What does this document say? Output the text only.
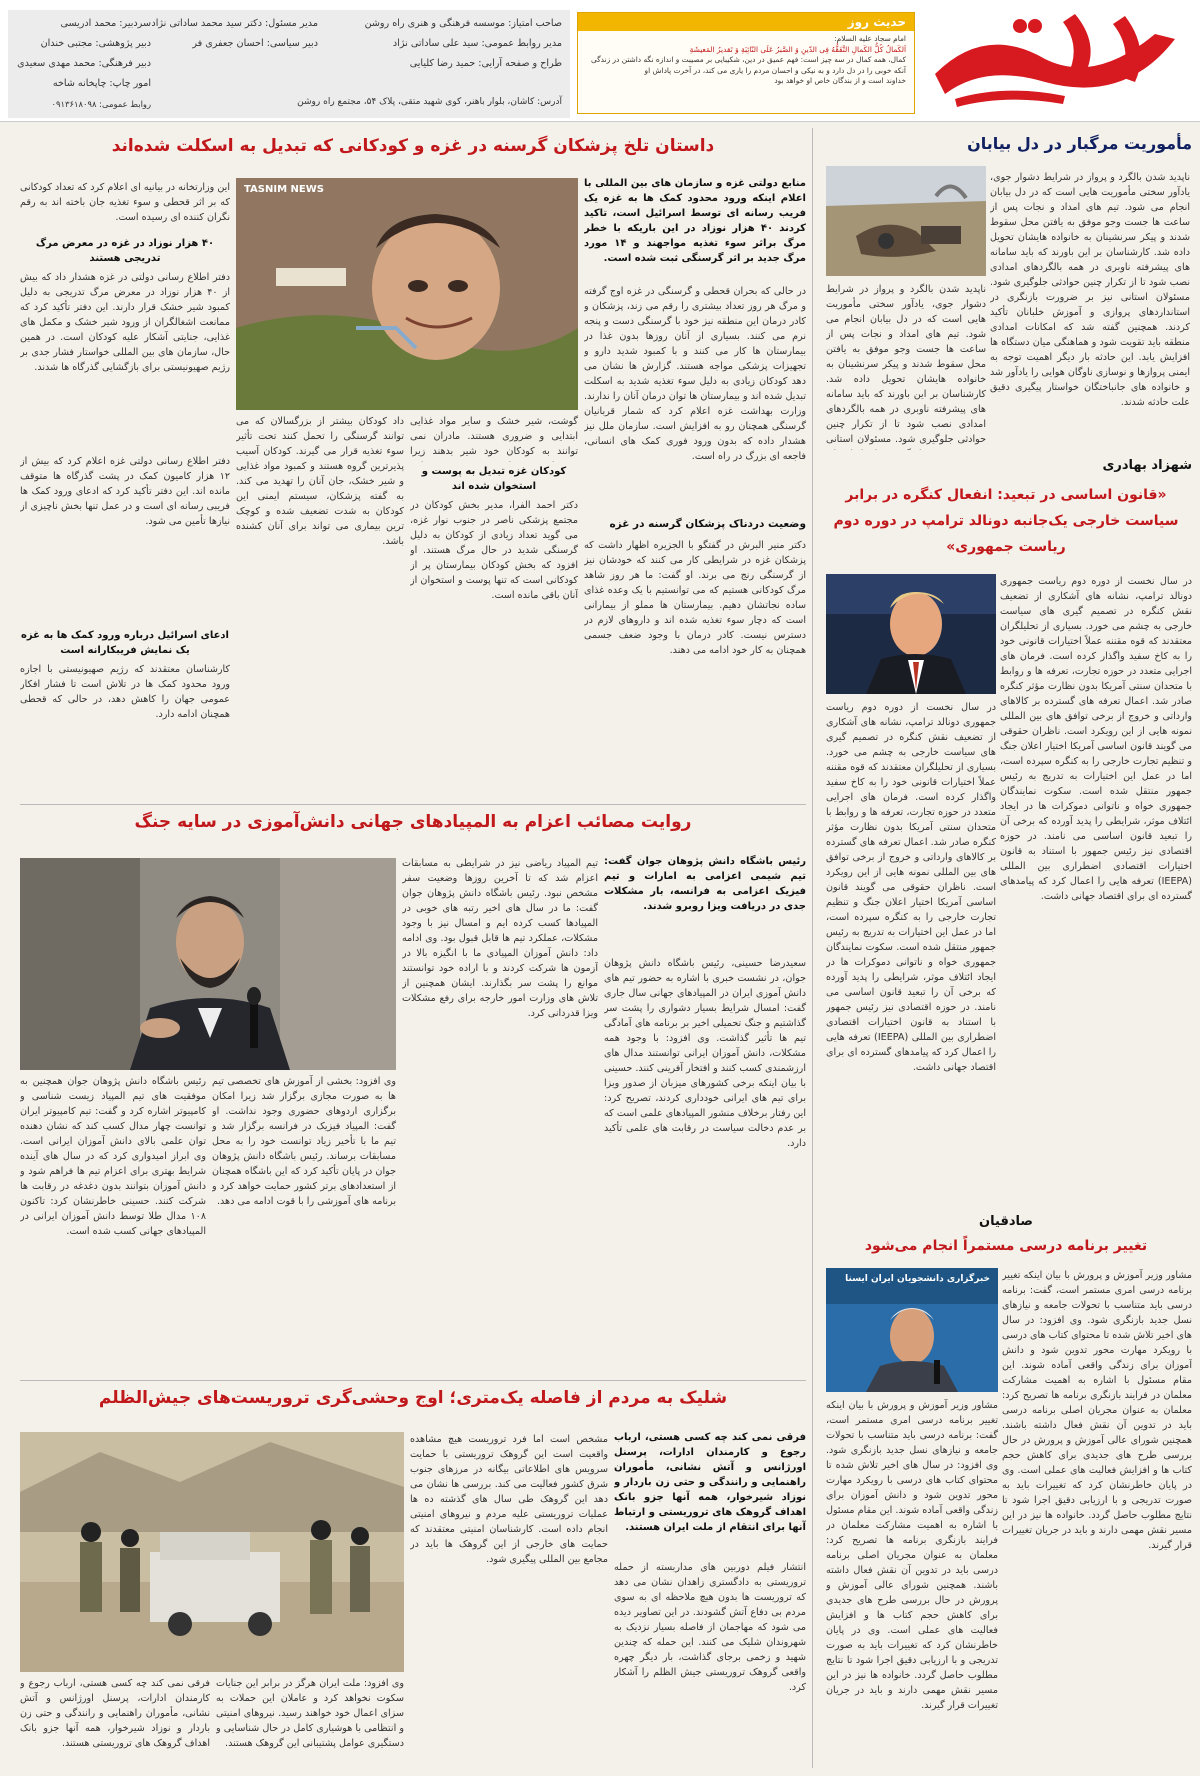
حدیث روز
امام سجاد علیه السلام:
اَلکَمالُ کُلُّ الکَمالِ التَّفَقُّهُ فِی الدّینِ وَ الصَّبرُ عَلَی النّائِبَةِ وَ تَقدیرُ المَعیشَةِ
کمال، همه کمال در سه چیز است: فهم عمیق در دین، شکیبایی بر مصیبت و اندازه نگه داشتن در زندگی
آنکه خوبی را در دل دارد و به نیکی و احسان مردم را یاری می کند، در آخرت پاداش او
خداوند است و از بندگان خاص او خواهد بود
صاحب امتیاز: موسسه فرهنگی و هنری راه روشن
مدیر روابط عمومی: سید علی ساداتی نژاد
طراح و صفحه آرایی: حمید رضا کلیایی
مدیر مسئول: دکتر سید محمد ساداتی نژاد
دبیر سیاسی: احسان جعفری فر
سردبیر: محمد ادریسی
دبیر پژوهشی: مجتبی خندان
دبیر فرهنگی: محمد مهدی سعیدی
امور چاپ: چاپخانه شاخه
روابط عمومی: ۰۹۱۳۶۱۸۰۹۸	آدرس: کاشان، بلوار باهنر، کوی شهید متقی، پلاک ۵۴، مجتمع راه روشن
مأموریت مرگبار در دل بیابان
ناپدید شدن بالگرد و پرواز در شرایط دشوار جوی، یادآور سختی مأموریت هایی است که در دل بیابان انجام می شود. تیم های امداد و نجات پس از ساعت ها جست وجو موفق به یافتن محل سقوط شدند و پیکر سرنشینان به خانواده هایشان تحویل داده شد. کارشناسان بر این باورند که باید سامانه های پیشرفته ناوبری در همه بالگردهای امدادی نصب شود تا از تکرار چنین حوادثی جلوگیری شود. مسئولان استانی نیز بر ضرورت بازنگری در استانداردهای پروازی و آموزش خلبانان تأکید کردند. همچنین گفته شد که امکانات امدادی منطقه باید تقویت شود و هماهنگی میان دستگاه ها افزایش یابد. این حادثه بار دیگر اهمیت توجه به ایمنی پروازها و نوسازی ناوگان هوایی را یادآور شد و خانواده های جانباختگان خواستار پیگیری دقیق علت حادثه شدند.
ناپدید شدن بالگرد و پرواز در شرایط دشوار جوی، یادآور سختی مأموریت هایی است که در دل بیابان انجام می شود. تیم های امداد و نجات پس از ساعت ها جست وجو موفق به یافتن محل سقوط شدند و پیکر سرنشینان به خانواده هایشان تحویل داده شد. کارشناسان بر این باورند که باید سامانه های پیشرفته ناوبری در همه بالگردهای امدادی نصب شود تا از تکرار چنین حوادثی جلوگیری شود. مسئولان استانی
شهزاد بهادری
«قانون اساسی در تبعید: انفعال کنگره در برابر سیاست خارجی یک‌جانبه دونالد ترامپ در دوره دوم ریاست جمهوری»
در سال نخست از دوره دوم ریاست جمهوری دونالد ترامپ، نشانه های آشکاری از تضعیف نقش کنگره در تصمیم گیری های سیاست خارجی به چشم می خورد. بسیاری از تحلیلگران معتقدند که قوه مقننه عملاً اختیارات قانونی خود را به کاخ سفید واگذار کرده است. فرمان های اجرایی متعدد در حوزه تجارت، تعرفه ها و روابط با متحدان سنتی آمریکا بدون نظارت مؤثر کنگره صادر شد. اعمال تعرفه های گسترده بر کالاهای وارداتی و خروج از برخی توافق های بین المللی نمونه هایی از این رویکرد است. ناظران حقوقی می گویند قانون اساسی آمریکا اختیار اعلان جنگ و تنظیم تجارت خارجی را به کنگره سپرده است، اما در عمل این اختیارات به تدریج به رئیس جمهور منتقل شده است. سکوت نمایندگان جمهوری خواه و ناتوانی دموکرات ها در ایجاد ائتلاف موثر، شرایطی را پدید آورده که برخی آن را تبعید قانون اساسی می نامند. در حوزه اقتصادی نیز رئیس جمهور با استناد به قانون اختیارات اقتصادی اضطراری بین المللی (IEEPA) تعرفه هایی را اعمال کرد که پیامدهای گسترده ای برای اقتصاد جهانی داشت.
در سال نخست از دوره دوم ریاست جمهوری دونالد ترامپ، نشانه های آشکاری از تضعیف نقش کنگره در تصمیم گیری های سیاست خارجی به چشم می خورد. بسیاری از تحلیلگران معتقدند که قوه مقننه عملاً اختیارات قانونی خود را به کاخ سفید واگذار کرده است. فرمان های اجرایی متعدد در حوزه تجارت، تعرفه ها و روابط با متحدان سنتی آمریکا بدون نظارت مؤثر کنگره صادر شد. اعمال تعرفه های گسترده بر کالاهای وارداتی و خروج از برخی توافق های بین المللی نمونه هایی از این رویکرد است. ناظران حقوقی می گویند قانون اساسی آمریکا اختیار اعلان جنگ و تنظیم تجارت خارجی را به کنگره سپرده است، اما در عمل این اختیارات به تدریج به رئیس جمهور منتقل شده است. سکوت نمایندگان جمهوری خواه و ناتوانی دموکرات ها در ایجاد ائتلاف موثر، شرایطی را پدید آورده که برخی آن را تبعید قانون اساسی می نامند. در حوزه اقتصادی نیز رئیس جمهور با استناد به قانون اختیارات اقتصادی اضطراری بین المللی (IEEPA) تعرفه هایی را اعمال کرد که پیامدهای گسترده ای برای اقتصاد جهانی داشت.
صادقیان
تغییر برنامه درسی مستمراً انجام می‌شود
خبرگزاری دانشجویان ایران ایسنا مشاور وزیر آموزش و پرورش با بیان اینکه تغییر برنامه درسی امری مستمر است، گفت: برنامه درسی باید متناسب با تحولات جامعه و نیازهای نسل جدید بازنگری شود. وی افزود: در سال های اخیر تلاش شده تا محتوای کتاب های درسی با رویکرد مهارت محور تدوین شود و دانش آموزان برای زندگی واقعی آماده شوند. این مقام مسئول با اشاره به اهمیت مشارکت معلمان در فرایند بازنگری برنامه ها تصریح کرد: معلمان به عنوان مجریان اصلی برنامه درسی باید در تدوین آن نقش فعال داشته باشند. همچنین شورای عالی آموزش و پرورش در حال بررسی طرح های جدیدی برای کاهش حجم کتاب ها و افزایش فعالیت های عملی است. وی در پایان خاطرنشان کرد که تغییرات باید به صورت تدریجی و با ارزیابی دقیق اجرا شود تا نتایج مطلوب حاصل گردد. خانواده ها نیز در این مسیر نقش مهمی دارند و باید در جریان تغییرات قرار گیرند.
مشاور وزیر آموزش و پرورش با بیان اینکه تغییر برنامه درسی امری مستمر است، گفت: برنامه درسی باید متناسب با تحولات جامعه و نیازهای نسل جدید بازنگری شود. وی افزود: در سال های اخیر تلاش شده تا محتوای کتاب های درسی با رویکرد مهارت محور تدوین شود و دانش آموزان برای زندگی واقعی آماده شوند. این مقام مسئول با اشاره به اهمیت مشارکت معلمان در فرایند بازنگری برنامه ها تصریح کرد: معلمان به عنوان مجریان اصلی برنامه درسی باید در تدوین آن نقش فعال داشته باشند. همچنین شورای عالی آموزش و پرورش در حال بررسی طرح های جدیدی برای کاهش حجم کتاب ها و افزایش فعالیت های عملی است. وی در پایان خاطرنشان کرد که تغییرات باید به صورت تدریجی و با ارزیابی دقیق اجرا شود تا نتایج مطلوب حاصل گردد. خانواده ها نیز در این مسیر نقش مهمی دارند و باید در جریان تغییرات قرار گیرند.
داستان تلخ پزشکان گرسنه در غزه و کودکانی که تبدیل به اسکلت شده‌اند
منابع دولتی غزه و سازمان های بین المللی با اعلام اینکه ورود محدود کمک ها به غزه یک فریب رسانه ای توسط اسرائیل است، تاکید کردند ۴۰ هزار نوزاد در این باریکه با خطر مرگ براثر سوء تغذیه مواجهند و ۱۴ مورد مرگ جدید بر اثر گرسنگی ثبت شده است.
TASNIM NEWS
در حالی که بحران قحطی و گرسنگی در غزه اوج گرفته و مرگ هر روز تعداد بیشتری را رقم می زند، پزشکان و کادر درمان این منطقه نیز خود با گرسنگی دست و پنجه نرم می کنند. بسیاری از آنان روزها بدون غذا در بیمارستان ها کار می کنند و با کمبود شدید دارو و تجهیزات پزشکی مواجه هستند. گزارش ها نشان می دهد کودکان زیادی به دلیل سوء تغذیه شدید به اسکلت تبدیل شده اند و بیمارستان ها توان درمان آنان را ندارند. وزارت بهداشت غزه اعلام کرد که شمار قربانیان گرسنگی همچنان رو به افزایش است. سازمان ملل نیز هشدار داده که بدون ورود فوری کمک های انسانی، فاجعه ای بزرگ در راه است.
وضعیت دردناک پزشکان گرسنه در غزه
دکتر منیر البرش در گفتگو با الجزیره اظهار داشت که پزشکان غزه در شرایطی کار می کنند که خودشان نیز از گرسنگی رنج می برند. او گفت: ما هر روز شاهد مرگ کودکانی هستیم که می توانستیم با یک وعده غذای ساده نجاتشان دهیم. بیمارستان ها مملو از بیمارانی است که دچار سوء تغذیه شده اند و داروهای لازم در دسترس نیست. کادر درمان با وجود ضعف جسمی همچنان به کار خود ادامه می دهند.
گوشت، شیر خشک و سایر مواد غذایی ابتدایی و ضروری هستند. مادران نمی توانند به کودکان خود شیر بدهند زیرا
کودکان غزه تبدیل به پوست و استخوان شده اند
دکتر احمد الفرا، مدیر بخش کودکان در مجتمع پزشکی ناصر در جنوب نوار غزه، می گوید تعداد زیادی از کودکان به دلیل گرسنگی شدید در حال مرگ هستند. او افزود که بخش کودکان بیمارستان پر از کودکانی است که تنها پوست و استخوان از آنان باقی مانده است.
داد کودکان بیشتر از بزرگسالان که می توانند گرسنگی را تحمل کنند تحت تأثیر سوء تغذیه قرار می گیرند. کودکان آسیب پذیرترین گروه هستند و کمبود مواد غذایی و شیر خشک، جان آنان را تهدید می کند. به گفته پزشکان، سیستم ایمنی این کودکان به شدت تضعیف شده و کوچک ترین بیماری می تواند برای آنان کشنده باشد.
این وزارتخانه در بیانیه ای اعلام کرد که تعداد کودکانی که بر اثر قحطی و سوء تغذیه جان باخته اند به رقم نگران کننده ای رسیده است.
۴۰ هزار نوزاد در غزه در معرض مرگ تدریجی هستند
دفتر اطلاع رسانی دولتی در غزه هشدار داد که بیش از ۴۰ هزار نوزاد در معرض مرگ تدریجی به دلیل کمبود شیر خشک قرار دارند. این دفتر تأکید کرد که ممانعت اشغالگران از ورود شیر خشک و مکمل های غذایی، جنایتی آشکار علیه کودکان است. در همین حال، سازمان های بین المللی خواستار فشار جدی بر رژیم صهیونیستی برای بازگشایی گذرگاه ها شدند.
دفتر اطلاع رسانی دولتی غزه اعلام کرد که بیش از ۱۲ هزار کامیون کمک در پشت گذرگاه ها متوقف مانده اند. این دفتر تأکید کرد که ادعای ورود کمک ها فریبی رسانه ای است و در عمل تنها بخش ناچیزی از نیازها تأمین می شود.
ادعای اسرائیل درباره ورود کمک ها به غزه یک نمایش فریبکارانه است
کارشناسان معتقدند که رژیم صهیونیستی با اجازه ورود محدود کمک ها در تلاش است تا فشار افکار عمومی جهان را کاهش دهد، در حالی که قحطی همچنان ادامه دارد.
روایت مصائب اعزام به المپیادهای جهانی دانش‌آموزی در سایه جنگ
رئیس باشگاه دانش پژوهان جوان گفت: تیم شیمی اعزامی به امارات و تیم فیزیک اعزامی به فرانسه، بار مشکلات جدی در دریافت ویزا روبرو شدند.
سعیدرضا حسینی، رئیس باشگاه دانش پژوهان جوان، در نشست خبری با اشاره به حضور تیم های دانش آموزی ایران در المپیادهای جهانی سال جاری گفت: امسال شرایط بسیار دشواری را پشت سر گذاشتیم و جنگ تحمیلی اخیر بر برنامه های آمادگی تیم ها تأثیر گذاشت. وی افزود: با وجود همه مشکلات، دانش آموزان ایرانی توانستند مدال های ارزشمندی کسب کنند و افتخار آفرینی کنند. حسینی با بیان اینکه برخی کشورهای میزبان از صدور ویزا برای تیم های ایرانی خودداری کردند، تصریح کرد: این رفتار برخلاف منشور المپیادهای علمی است که بر عدم دخالت سیاست در رقابت های علمی تأکید دارد.
تیم المپیاد ریاضی نیز در شرایطی به مسابقات اعزام شد که تا آخرین روزها وضعیت سفر مشخص نبود. رئیس باشگاه دانش پژوهان جوان گفت: ما در سال های اخیر رتبه های خوبی در المپیادها کسب کرده ایم و امسال نیز با وجود مشکلات، عملکرد تیم ها قابل قبول بود. وی ادامه داد: دانش آموزان المپیادی ما با انگیزه بالا در آزمون ها شرکت کردند و با اراده خود توانستند موانع را پشت سر بگذارند. ایشان همچنین از تلاش های وزارت امور خارجه برای رفع مشکلات ویزا قدردانی کرد.
وی افزود: بخشی از آموزش های تخصصی تیم ها به صورت مجازی برگزار شد زیرا امکان برگزاری اردوهای حضوری وجود نداشت. او گفت: المپیاد فیزیک در فرانسه برگزار شد و تیم ما با تأخیر زیاد توانست خود را به محل مسابقات برساند. رئیس باشگاه دانش پژوهان جوان در پایان تأکید کرد که این باشگاه همچنان از استعدادهای برتر کشور حمایت خواهد کرد و برنامه های آموزشی را با قوت ادامه می دهد.
رئیس باشگاه دانش پژوهان جوان همچنین به موفقیت های تیم المپیاد زیست شناسی و کامپیوتر اشاره کرد و گفت: تیم کامپیوتر ایران توانست چهار مدال کسب کند که نشان دهنده توان علمی بالای دانش آموزان ایرانی است. وی ابراز امیدواری کرد که در سال های آینده شرایط بهتری برای اعزام تیم ها فراهم شود و دانش آموزان بتوانند بدون دغدغه در رقابت ها شرکت کنند. حسینی خاطرنشان کرد: تاکنون ۱۰۸ مدال طلا توسط دانش آموزان ایرانی در المپیادهای جهانی کسب شده است.
شلیک به مردم از فاصله یک‌متری؛ اوج وحشی‌گری تروریست‌های جیش‌الظلم
فرقی نمی کند چه کسی هستی، ارباب رجوع و کارمندان ادارات، پرسنل اورژانس و آتش نشانی، مأموران راهنمایی و رانندگی و حتی زن باردار و نوزاد شیرخوار، همه آنها جزو بانک اهداف گروهک های تروریستی و ارتباط آنها برای انتقام از ملت ایران هستند.
انتشار فیلم دوربین های مداربسته از حمله تروریستی به دادگستری زاهدان نشان می دهد که تروریست ها بدون هیچ ملاحظه ای به سوی مردم بی دفاع آتش گشودند. در این تصاویر دیده می شود که مهاجمان از فاصله بسیار نزدیک به شهروندان شلیک می کنند. این حمله که چندین شهید و زخمی برجای گذاشت، بار دیگر چهره واقعی گروهک تروریستی جیش الظلم را آشکار کرد.
مشخص است اما فرد تروریست هیچ مشاهده واقعیت است این گروهک تروریستی با حمایت سرویس های اطلاعاتی بیگانه در مرزهای جنوب شرق کشور فعالیت می کند. بررسی ها نشان می دهد این گروهک طی سال های گذشته ده ها عملیات تروریستی علیه مردم و نیروهای امنیتی انجام داده است. کارشناسان امنیتی معتقدند که حمایت های خارجی از این گروهک ها باید در مجامع بین المللی پیگیری شود.
وی افزود: ملت ایران هرگز در برابر این جنایات سکوت نخواهد کرد و عاملان این حملات به سزای اعمال خود خواهند رسید. نیروهای امنیتی و انتظامی با هوشیاری کامل در حال شناسایی و دستگیری عوامل پشتیبانی این گروهک هستند.
فرقی نمی کند چه کسی هستی، ارباب رجوع و کارمندان ادارات، پرسنل اورژانس و آتش نشانی، مأموران راهنمایی و رانندگی و حتی زن باردار و نوزاد شیرخوار، همه آنها جزو بانک اهداف گروهک های تروریستی هستند.
